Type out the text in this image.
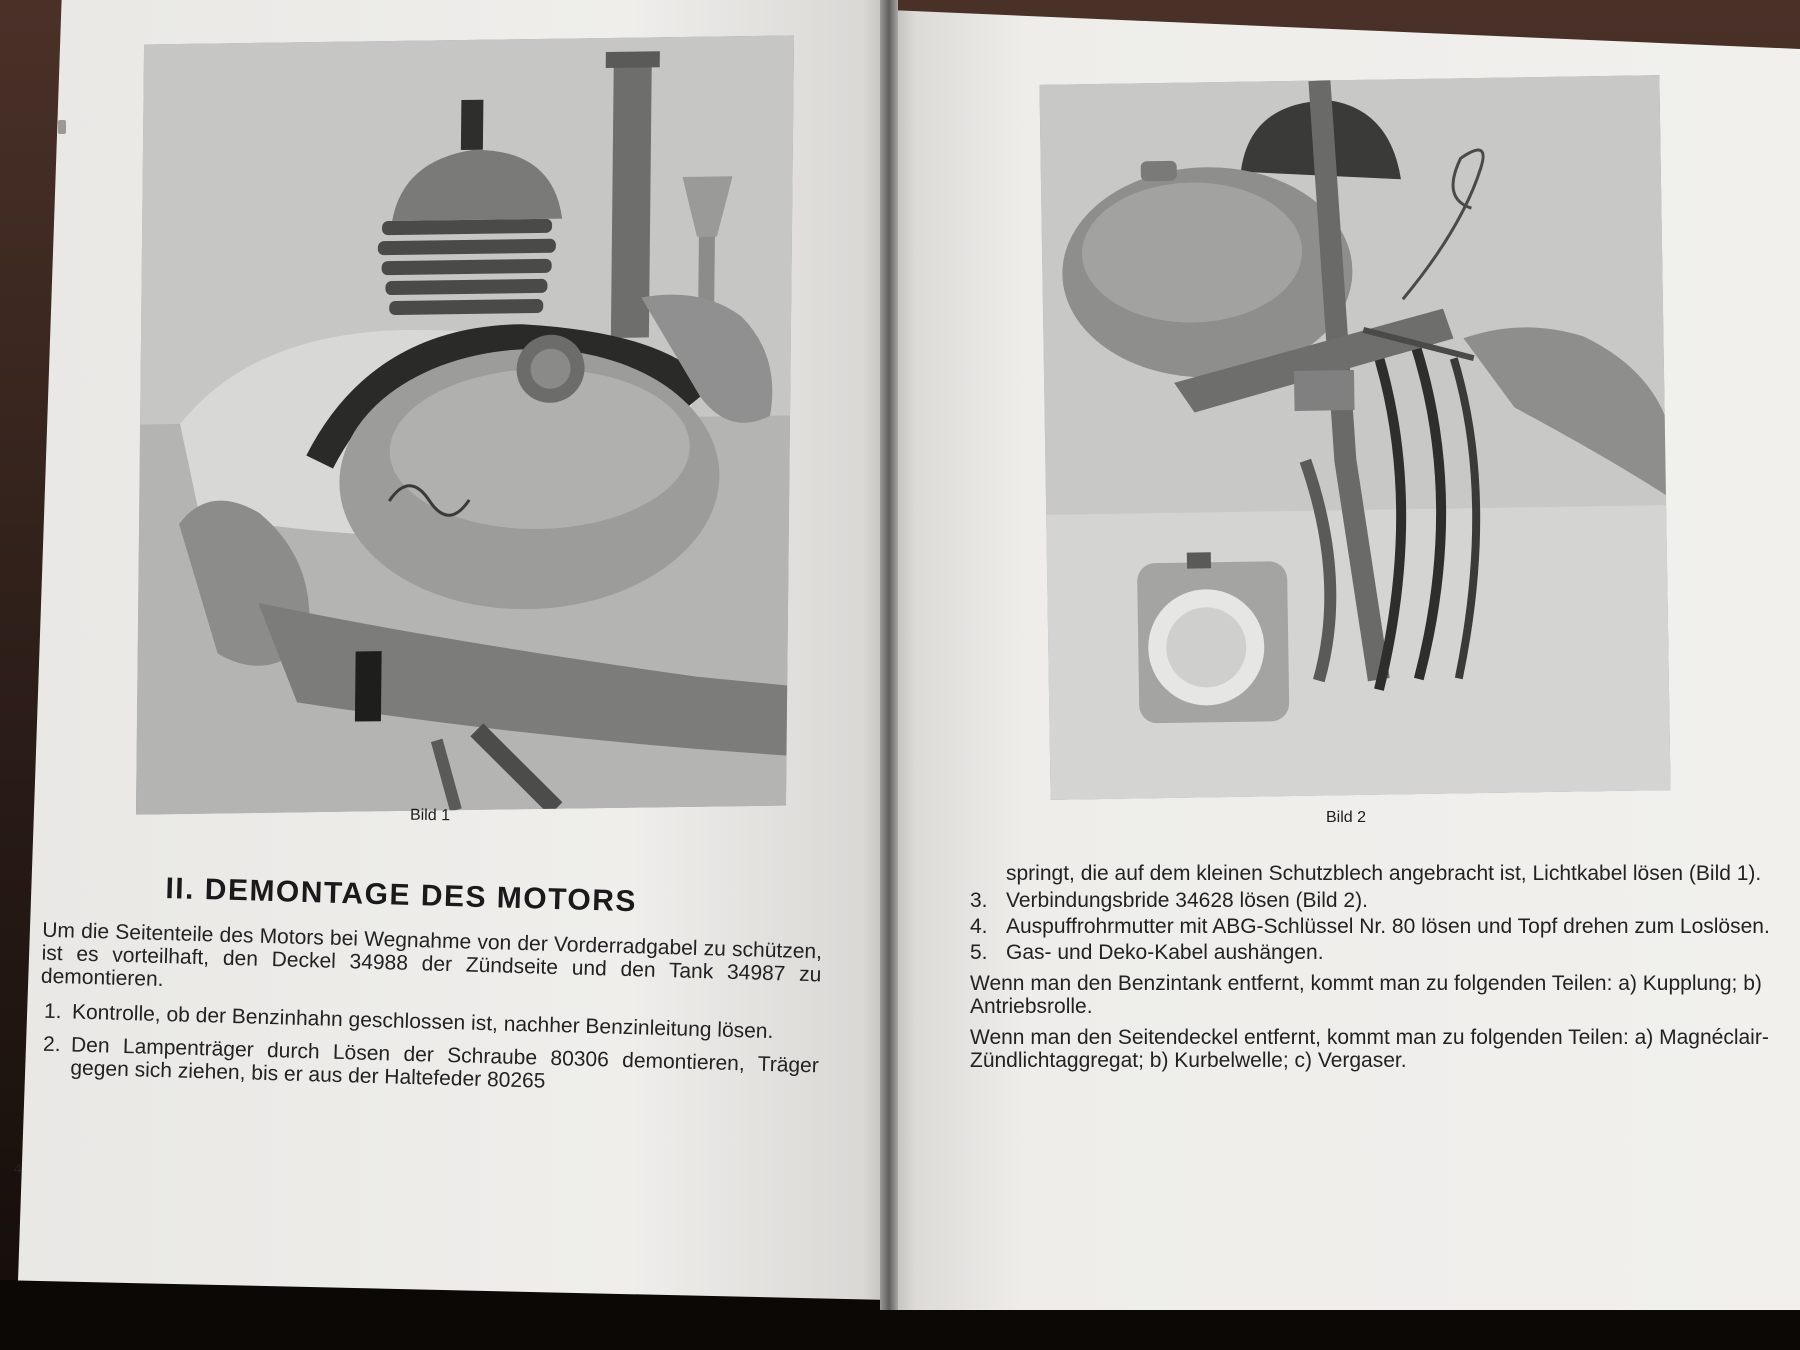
Bild 1	Bild 2
II. DEMONTAGE DES MOTORS

Um die Seitenteile des Motors bei Wegnahme von der Vorderradgabel zu schützen, ist es vorteilhaft, den Deckel 34988 der Zündseite und den Tank 34987 zu demontieren.

1. Kontrolle, ob der Benzinhahn geschlossen ist, nachher Benzinleitung lösen.
2. Den Lampenträger durch Lösen der Schraube 80306 demontieren, Träger gegen sich ziehen, bis er aus der Haltefeder 80265
4

springt, die auf dem kleinen Schutzblech angebracht ist, Lichtkabel lösen (Bild 1).

3. Verbindungsbride 34628 lösen (Bild 2).
4. Auspuffrohrmutter mit ABG-Schlüssel Nr. 80 lösen und Topf drehen zum Loslösen.
5. Gas- und Deko-Kabel aushängen.

Wenn man den Benzintank entfernt, kommt man zu folgenden Teilen: a) Kupplung; b) Antriebsrolle.

Wenn man den Seitendeckel entfernt, kommt man zu folgenden Teilen: a) Magnéclair-Zündlichtaggregat; b) Kurbelwelle; c) Vergaser.
